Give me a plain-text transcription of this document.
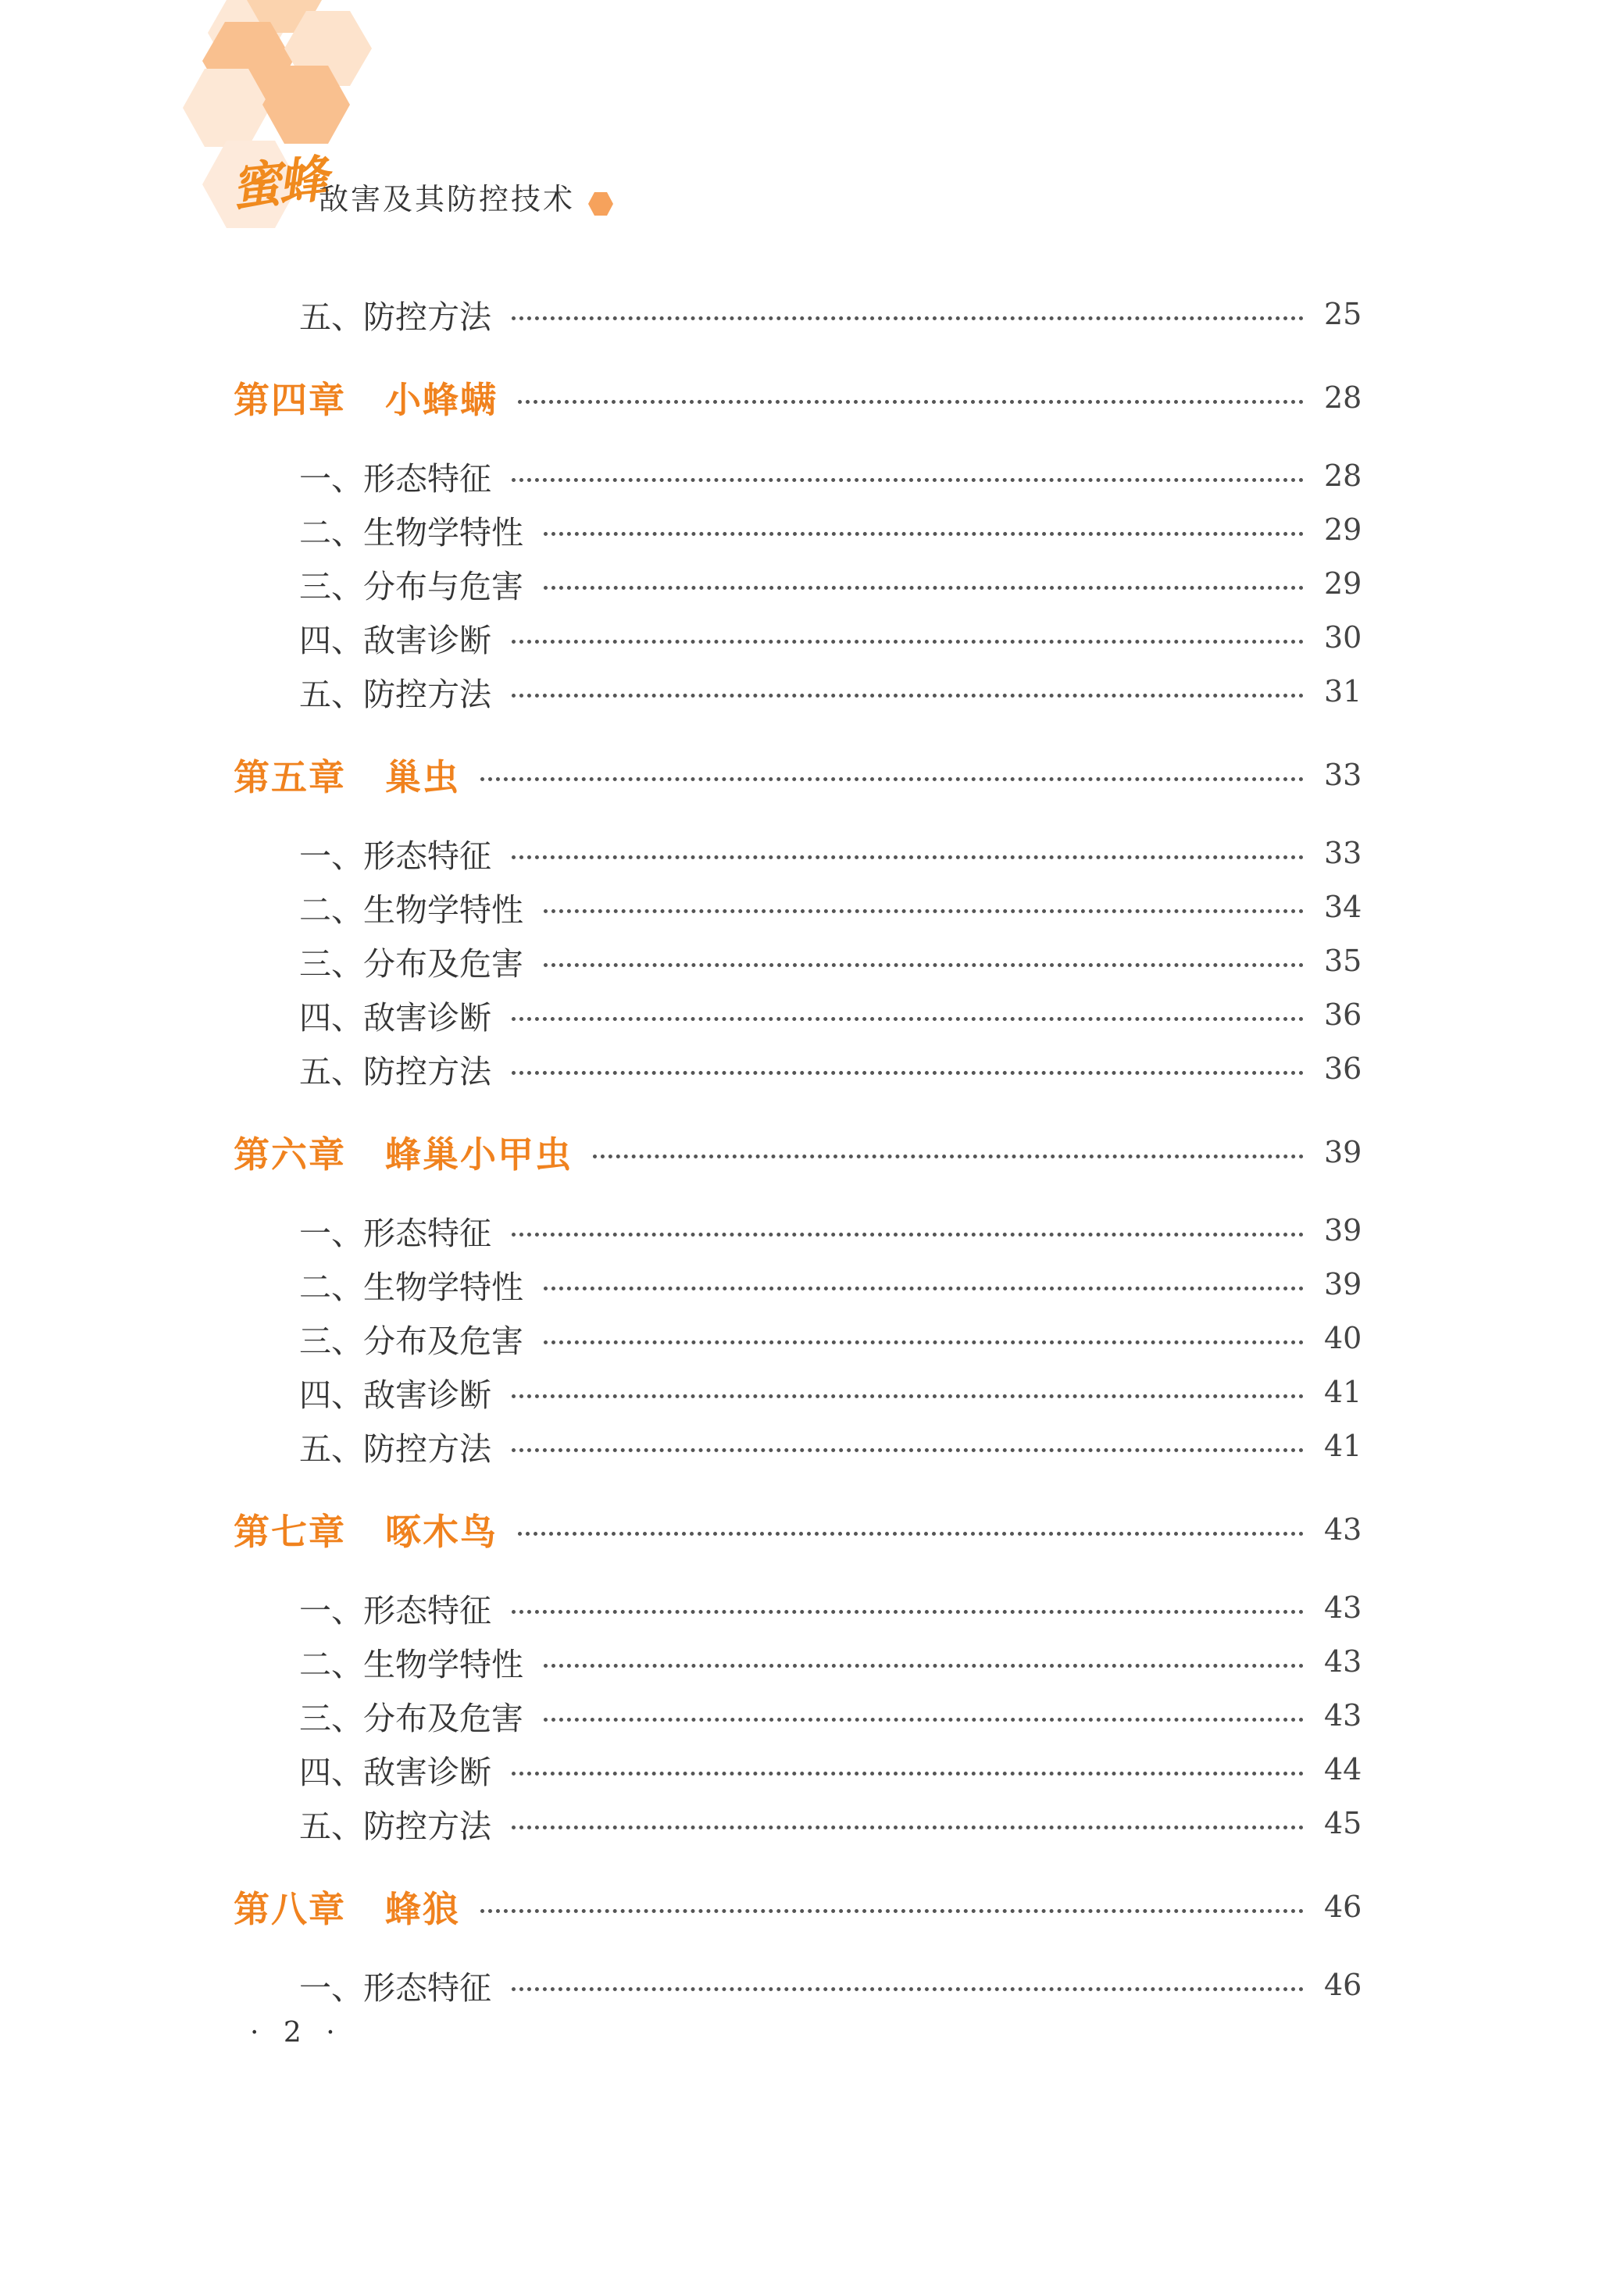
蜜蜂
敌害及其防控技术
五、防控方法	25
第四章 小蜂螨	28
一、形态特征	28
二、生物学特性	29
三、分布与危害	29
四、敌害诊断	30
五、防控方法	31
第五章 巢虫	33
一、形态特征	33
二、生物学特性	34
三、分布及危害	35
四、敌害诊断	36
五、防控方法	36
第六章 蜂巢小甲虫	39
一、形态特征	39
二、生物学特性	39
三、分布及危害	40
四、敌害诊断	41
五、防控方法	41
第七章 啄木鸟	43
一、形态特征	43
二、生物学特性	43
三、分布及危害	43
四、敌害诊断	44
五、防控方法	45
第八章 蜂狼	46
一、形态特征	46
· 2 ·
